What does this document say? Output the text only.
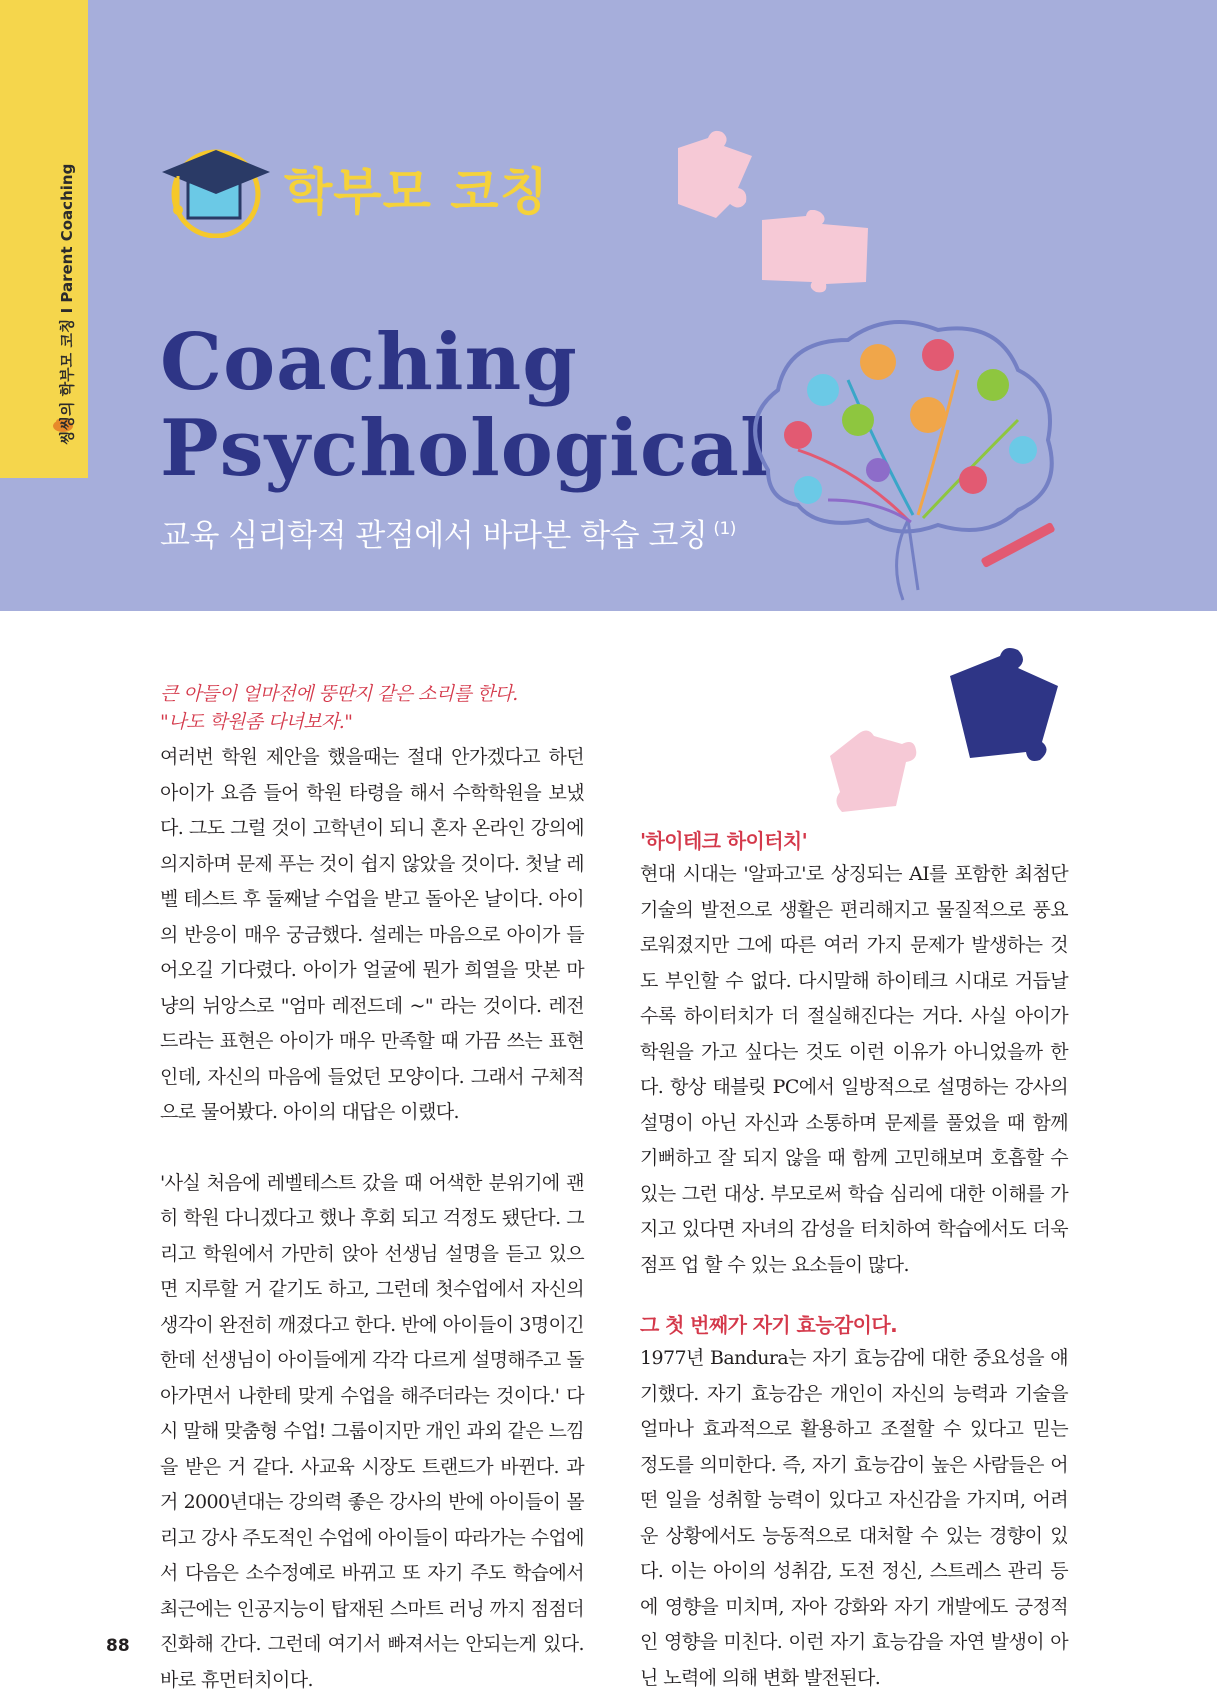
씽씽의 학부모 코칭 I Parent Coaching	학부모 코칭
Coaching
Psychological
교육 심리학적 관점에서 바라본 학습 코칭 $^{(1)}$

큰 아들이 얼마전에 뚱딴지 같은 소리를 한다.

"나도 학원좀 다녀보자."

여러번 학원 제안을 했을때는 절대 안가겠다고 하던 아이가 요즘 들어 학원 타령을 해서 수학학원을 보냈다. 그도 그럴 것이 고학년이 되니 혼자 온라인 강의에 의지하며 문제 푸는 것이 쉽지 않았을 것이다. 첫날 레벨 테스트 후 둘째날 수업을 받고 돌아온 날이다. 아이의 반응이 매우 궁금했다. 설레는 마음으로 아이가 들어오길 기다렸다. 아이가 얼굴에 뭔가 희열을 맛본 마냥의 뉘앙스로 "엄마 레전드데 ~" 라는 것이다. 레전드라는 표현은 아이가 매우 만족할 때 가끔 쓰는 표현인데, 자신의 마음에 들었던 모양이다. 그래서 구체적으로 물어봤다. 아이의 대답은 이랬다.

'사실 처음에 레벨테스트 갔을 때 어색한 분위기에 괜히 학원 다니겠다고 했나 후회 되고 걱정도 됐단다. 그리고 학원에서 가만히 앉아 선생님 설명을 듣고 있으면 지루할 거 같기도 하고, 그런데 첫수업에서 자신의 생각이 완전히 깨졌다고 한다. 반에 아이들이 3명이긴 한데 선생님이 아이들에게 각각 다르게 설명해주고 돌아가면서 나한테 맞게 수업을 해주더라는 것이다.' 다시 말해 맞춤형 수업! 그룹이지만 개인 과외 같은 느낌을 받은 거 같다. 사교육 시장도 트랜드가 바뀐다. 과거 2000년대는 강의력 좋은 강사의 반에 아이들이 몰리고 강사 주도적인 수업에 아이들이 따라가는 수업에서 다음은 소수정예로 바뀌고 또 자기 주도 학습에서 최근에는 인공지능이 탑재된 스마트 러닝 까지 점점더 진화해 간다. 그런데 여기서 빠져서는 안되는게 있다. 바로 휴먼터치이다.

'하이테크 하이터치'

현대 시대는 '알파고'로 상징되는 AI를 포함한 최첨단 기술의 발전으로 생활은 편리해지고 물질적으로 풍요로워졌지만 그에 따른 여러 가지 문제가 발생하는 것도 부인할 수 없다. 다시말해 하이테크 시대로 거듭날수록 하이터치가 더 절실해진다는 거다. 사실 아이가 학원을 가고 싶다는 것도 이런 이유가 아니었을까 한다. 항상 태블릿 PC에서 일방적으로 설명하는 강사의 설명이 아닌 자신과 소통하며 문제를 풀었을 때 함께 기뻐하고 잘 되지 않을 때 함께 고민해보며 호흡할 수 있는 그런 대상. 부모로써 학습 심리에 대한 이해를 가지고 있다면 자녀의 감성을 터치하여 학습에서도 더욱 점프 업 할 수 있는 요소들이 많다.

그 첫 번째가 자기 효능감이다.

1977년 Bandura는 자기 효능감에 대한 중요성을 얘기했다. 자기 효능감은 개인이 자신의 능력과 기술을 얼마나 효과적으로 활용하고 조절할 수 있다고 믿는 정도를 의미한다. 즉, 자기 효능감이 높은 사람들은 어떤 일을 성취할 능력이 있다고 자신감을 가지며, 어려운 상황에서도 능동적으로 대처할 수 있는 경향이 있다. 이는 아이의 성취감, 도전 정신, 스트레스 관리 등에 영향을 미치며, 자아 강화와 자기 개발에도 긍정적인 영향을 미친다. 이런 자기 효능감을 자연 발생이 아닌 노력에 의해 변화 발전된다.

88
